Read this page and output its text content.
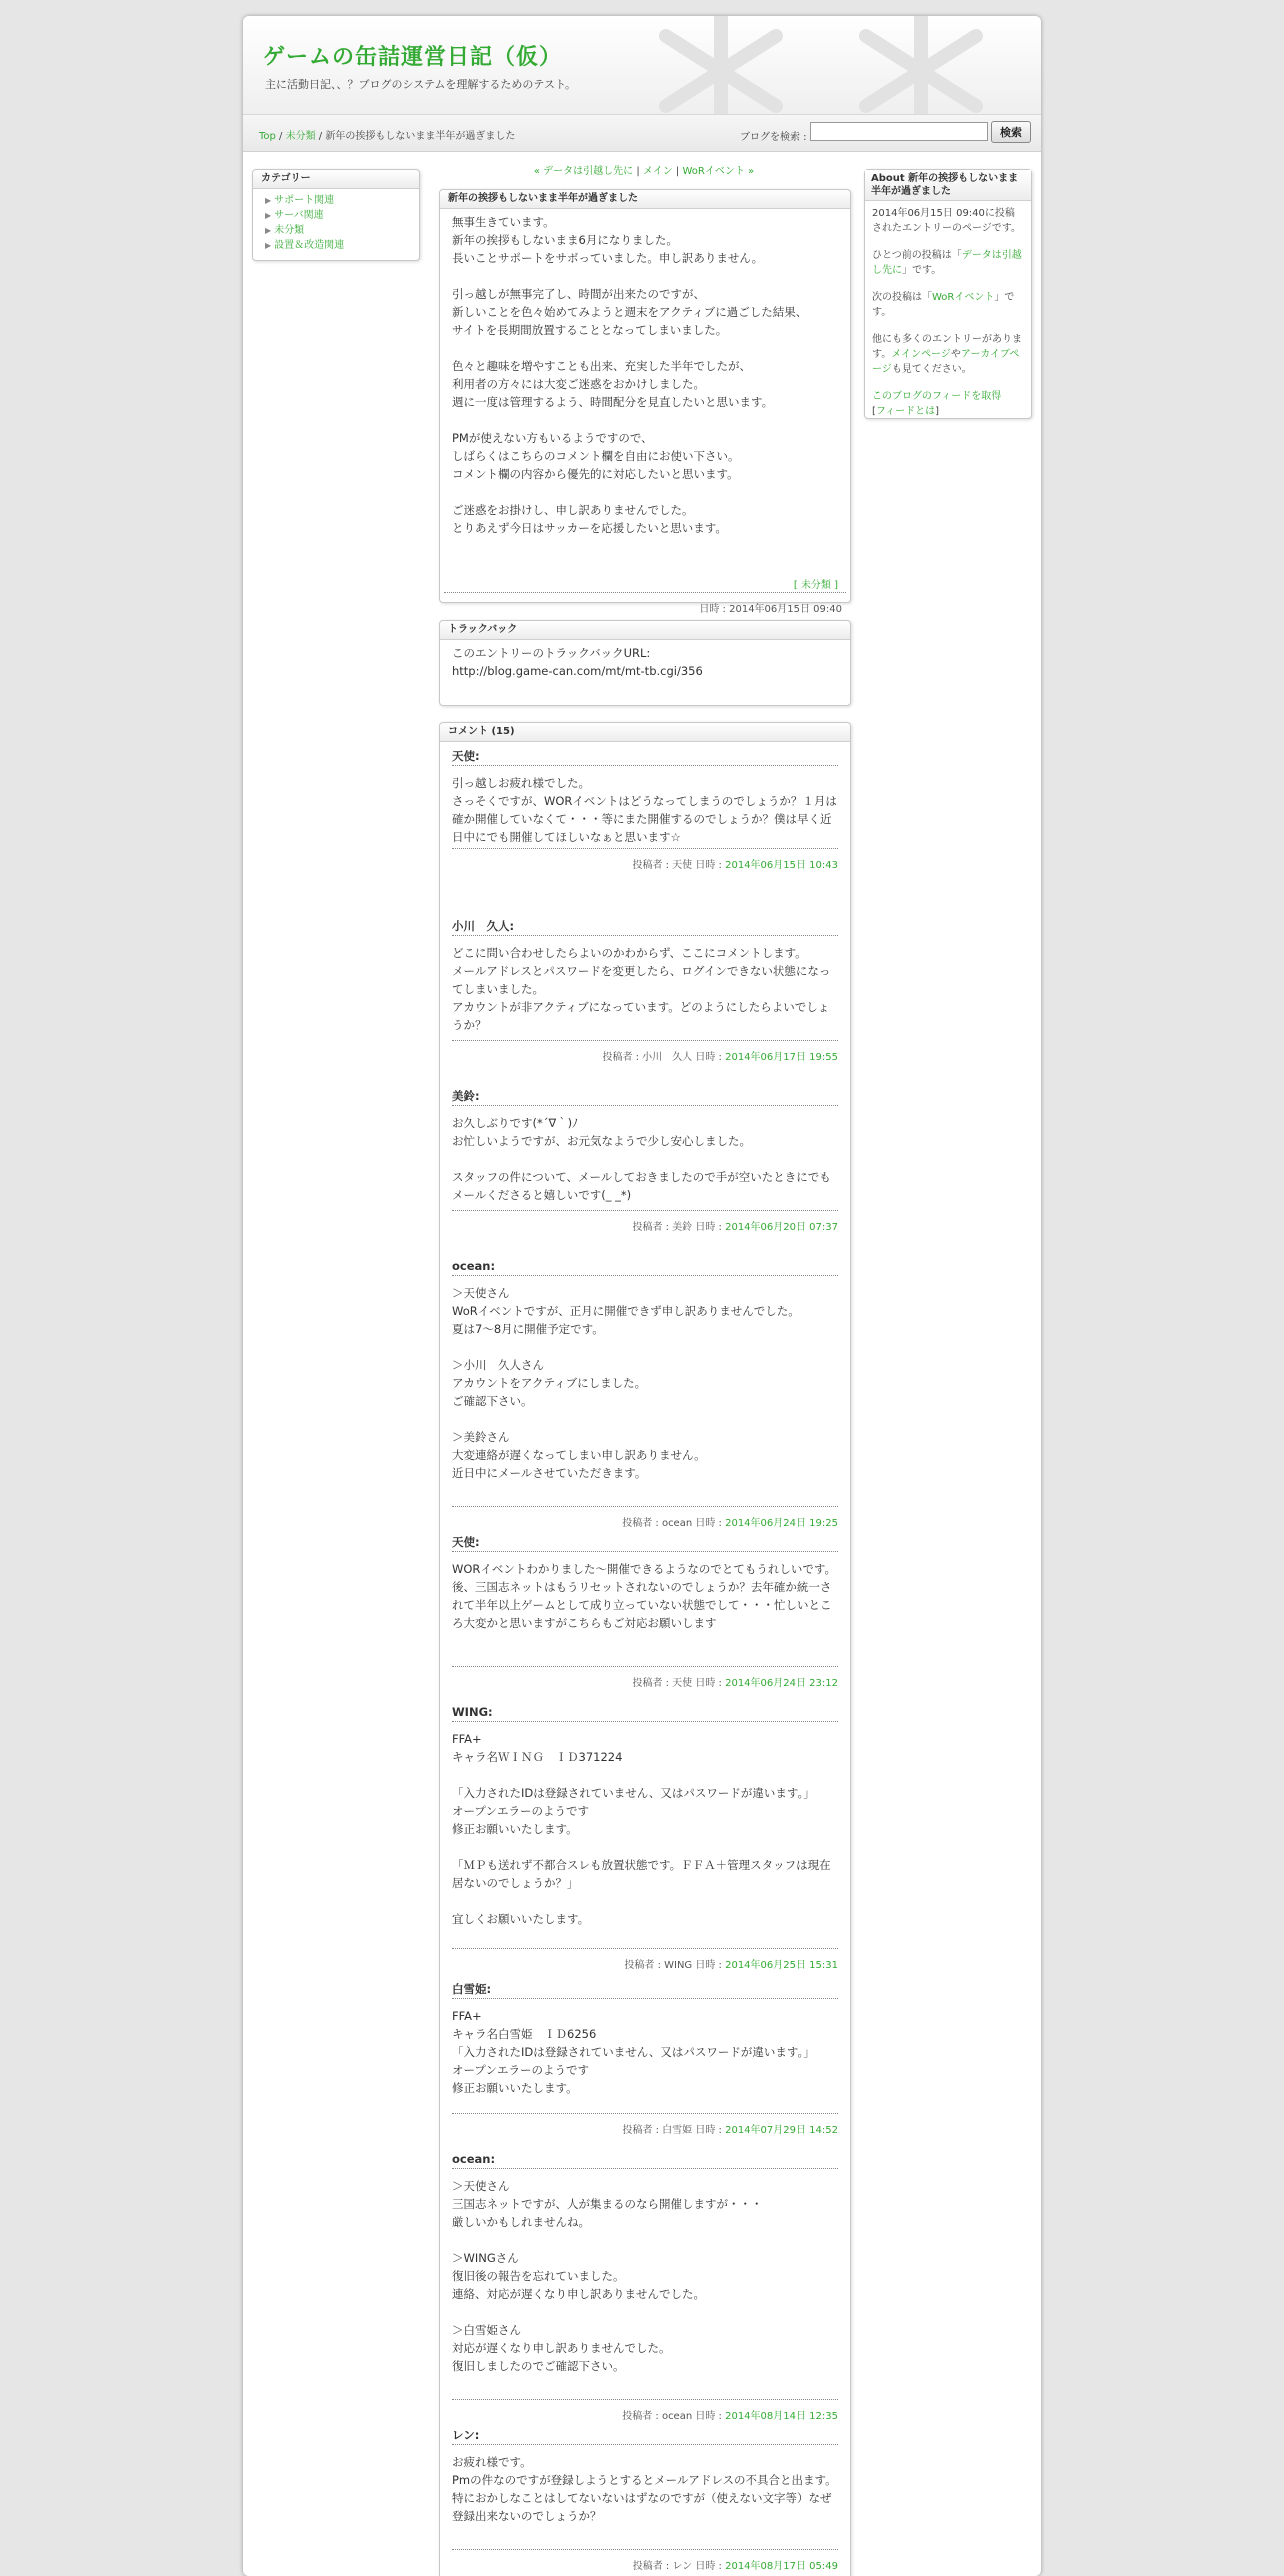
ゲームの缶詰運営日記（仮）
主に活動日記、、？ブログのシステムを理解するためのテスト。
Top / 未分類 / 新年の挨拶もしないまま半年が過ぎました	ブログを検索 :	検索
カテゴリー
▶ サポート関連
▶ サーバ関連
▶ 未分類
▶ 設置＆改造関連
« データは引越し先に | メイン | WoRイベント »
新年の挨拶もしないまま半年が過ぎました
無事生きています。
新年の挨拶もしないまま6月になりました。
長いことサポートをサボっていました。申し訳ありません。

引っ越しが無事完了し、時間が出来たのですが、
新しいことを色々始めてみようと週末をアクティブに過ごした結果、
サイトを長期間放置することとなってしまいました。

色々と趣味を増やすことも出来、充実した半年でしたが、
利用者の方々には大変ご迷惑をおかけしました。
週に一度は管理するよう、時間配分を見直したいと思います。

PMが使えない方もいるようですので、
しばらくはこちらのコメント欄を自由にお使い下さい。
コメント欄の内容から優先的に対応したいと思います。

ご迷惑をお掛けし、申し訳ありませんでした。
とりあえず今日はサッカーを応援したいと思います。
[ 未分類 ]
日時 : 2014年06月15日 09:40
トラックバック
このエントリーのトラックバックURL:
http://blog.game-can.com/mt/mt-tb.cgi/356
コメント (15)
天使:
引っ越しお疲れ様でした。
さっそくですが、WORイベントはどうなってしまうのでしょうか？１月は確か開催していなくて・・・等にまた開催するのでしょうか？僕は早く近日中にでも開催してほしいなぁと思います☆
投稿者 : 天使 日時 : 2014年06月15日 10:43
小川　久人:
どこに問い合わせしたらよいのかわからず、ここにコメントします。
メールアドレスとパスワードを変更したら、ログインできない状態になってしまいました。
アカウントが非アクティブになっています。どのようにしたらよいでしょうか？
投稿者 : 小川　久人 日時 : 2014年06月17日 19:55
美鈴:
お久しぶりです(*´∇｀)ﾉ
お忙しいようですが、お元気なようで少し安心しました。

スタッフの件について、メールしておきましたので手が空いたときにでもメールくださると嬉しいです(_ _*)
投稿者 : 美鈴 日時 : 2014年06月20日 07:37
ocean:
＞天使さん
WoRイベントですが、正月に開催できず申し訳ありませんでした。
夏は7～8月に開催予定です。

＞小川　久人さん
アカウントをアクティブにしました。
ご確認下さい。

＞美鈴さん
大変連絡が遅くなってしまい申し訳ありません。
近日中にメールさせていただきます。
投稿者 : ocean 日時 : 2014年06月24日 19:25
天使:
WORイベントわかりました～開催できるようなのでとてもうれしいです。
後、三国志ネットはもうリセットされないのでしょうか？去年確か統一されて半年以上ゲームとして成り立っていない状態でして・・・忙しいところ大変かと思いますがこちらもご対応お願いします
投稿者 : 天使 日時 : 2014年06月24日 23:12
WING:
FFA+
キャラ名ＷＩＮＧ　ＩＤ371224

「入力されたIDは登録されていません、又はパスワードが違います。」
オープンエラーのようです
修正お願いいたします。

「ＭＰも送れず不都合スレも放置状態です。ＦＦＡ＋管理スタッフは現在居ないのでしょうか？」

宜しくお願いいたします。
投稿者 : WING 日時 : 2014年06月25日 15:31
白雪姫:
FFA+
キャラ名白雪姫　ＩＤ6256
「入力されたIDは登録されていません、又はパスワードが違います。」
オープンエラーのようです
修正お願いいたします。
投稿者 : 白雪姫 日時 : 2014年07月29日 14:52
ocean:
＞天使さん
三国志ネットですが、人が集まるのなら開催しますが・・・
厳しいかもしれませんね。

＞WINGさん
復旧後の報告を忘れていました。
連絡、対応が遅くなり申し訳ありませんでした。

＞白雪姫さん
対応が遅くなり申し訳ありませんでした。
復旧しましたのでご確認下さい。
投稿者 : ocean 日時 : 2014年08月14日 12:35
レン:
お疲れ様です。
Pmの件なのですが登録しようとするとメールアドレスの不具合と出ます。
特におかしなことはしてないないはずなのですが（使えない文字等）なぜ登録出来ないのでしょうか？
投稿者 : レン 日時 : 2014年08月17日 05:49
About 新年の挨拶もしないまま半年が過ぎました

2014年06月15日 09:40に投稿されたエントリーのページです。

ひとつ前の投稿は「データは引越し先に」です。

次の投稿は「WoRイベント」です。

他にも多くのエントリーがあります。メインページやアーカイブページも見てください。

このブログのフィードを取得
[フィードとは]
